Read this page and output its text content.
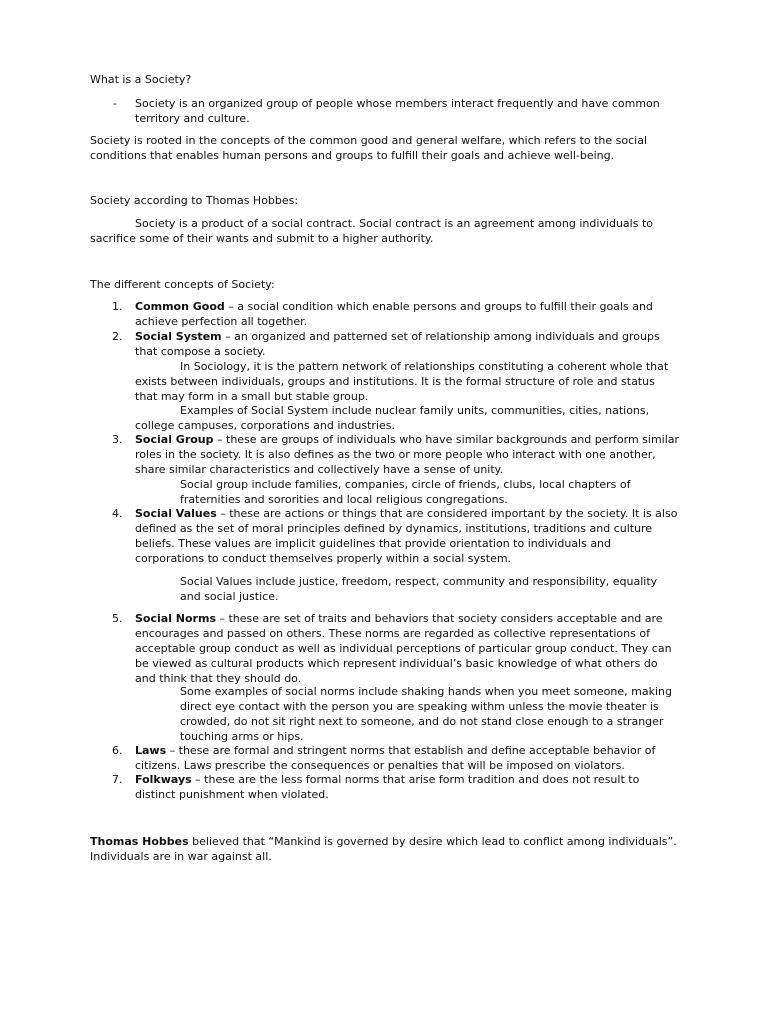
What is a Society?
- Society is an organized group of people whose members interact frequently and have common territory and culture.
Society is rooted in the concepts of the common good and general welfare, which refers to the social conditions that enables human persons and groups to fulfill their goals and achieve well-being.
Society according to Thomas Hobbes:
Society is a product of a social contract. Social contract is an agreement among individuals to sacrifice some of their wants and submit to a higher authority.
The different concepts of Society:
1. Common Good – a social condition which enable persons and groups to fulfill their goals and achieve perfection all together.
2. Social System – an organized and patterned set of relationship among individuals and groups that compose a society.
In Sociology, it is the pattern network of relationships constituting a coherent whole that exists between individuals, groups and institutions. It is the formal structure of role and status that may form in a small but stable group.
Examples of Social System include nuclear family units, communities, cities, nations, college campuses, corporations and industries.
3. Social Group – these are groups of individuals who have similar backgrounds and perform similar roles in the society. It is also defines as the two or more people who interact with one another, share similar characteristics and collectively have a sense of unity.
Social group include families, companies, circle of friends, clubs, local chapters of fraternities and sororities and local religious congregations.
4. Social Values – these are actions or things that are considered important by the society. It is also defined as the set of moral principles defined by dynamics, institutions, traditions and culture beliefs. These values are implicit guidelines that provide orientation to individuals and corporations to conduct themselves properly within a social system.
Social Values include justice, freedom, respect, community and responsibility, equality and social justice.
5. Social Norms – these are set of traits and behaviors that society considers acceptable and are encourages and passed on others. These norms are regarded as collective representations of acceptable group conduct as well as individual perceptions of particular group conduct. They can be viewed as cultural products which represent individual’s basic knowledge of what others do and think that they should do.
Some examples of social norms include shaking hands when you meet someone, making direct eye contact with the person you are speaking withm unless the movie theater is crowded, do not sit right next to someone, and do not stand close enough to a stranger touching arms or hips.
6. Laws – these are formal and stringent norms that establish and define acceptable behavior of citizens. Laws prescribe the consequences or penalties that will be imposed on violators.
7. Folkways – these are the less formal norms that arise form tradition and does not result to distinct punishment when violated.
Thomas Hobbes believed that “Mankind is governed by desire which lead to conflict among individuals”. Individuals are in war against all.
